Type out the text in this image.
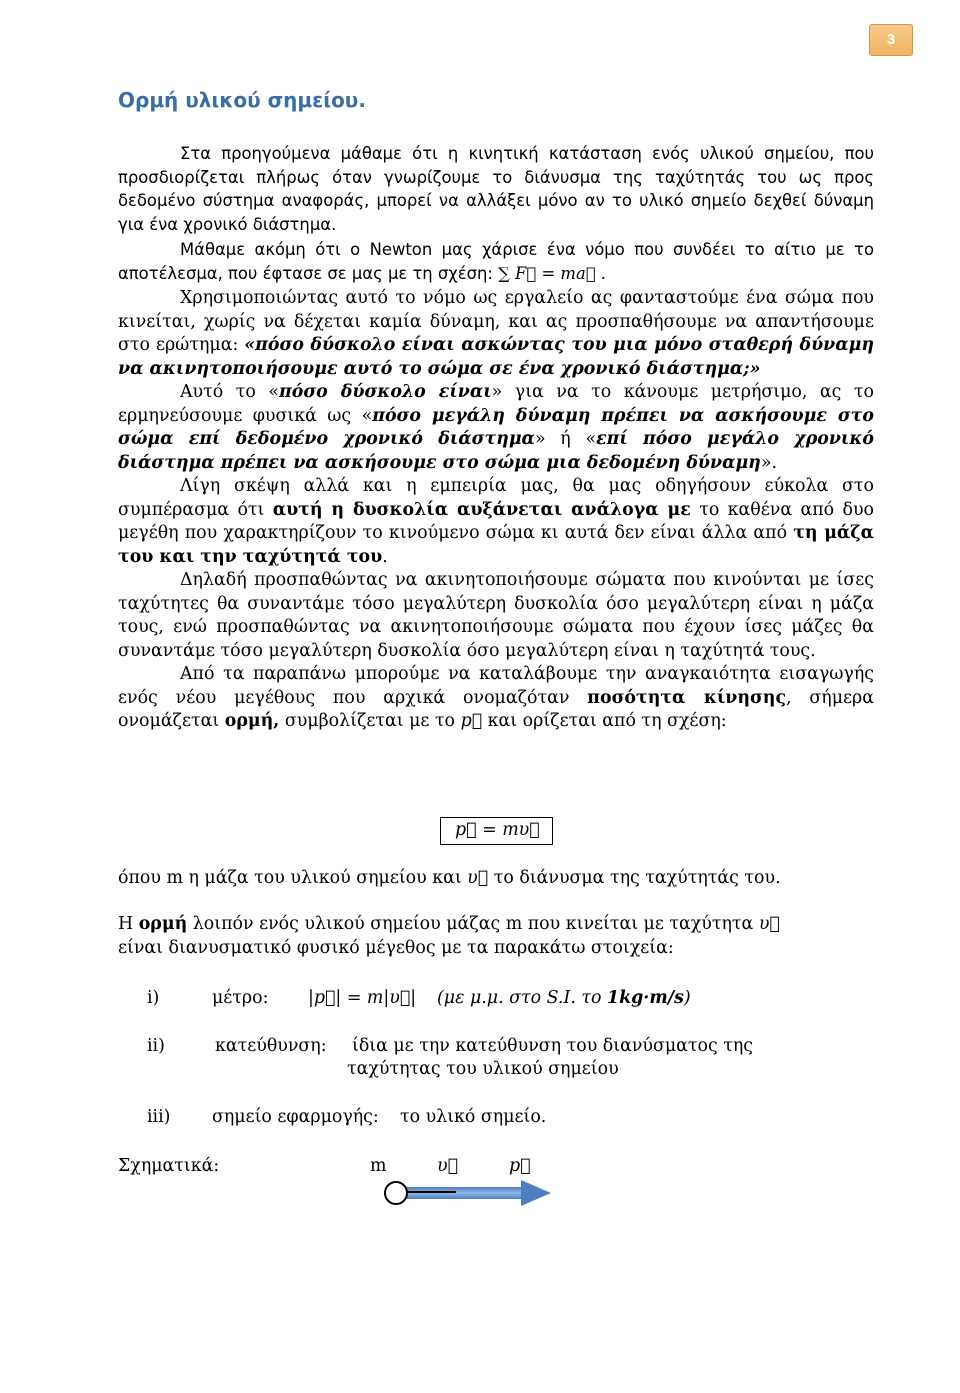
3
Ορμή υλικού σημείου.

Στα προηγούμενα μάθαμε ότι η κινητική κατάσταση ενός υλικού σημείου, που προσδιορίζεται πλήρως όταν γνωρίζουμε το διάνυσμα της ταχύτητάς του ως προς δεδομένο σύστημα αναφοράς, μπορεί να αλλάξει μόνο αν το υλικό σημείο δεχθεί δύναμη για ένα χρονικό διάστημα.

Μάθαμε ακόμη ότι ο Newton μας χάρισε ένα νόμο που συνδέει το αίτιο με το αποτέλεσμα, που έφτασε σε μας με τη σχέση: ∑ F⃗ = ma⃗ .

Χρησιμοποιώντας αυτό το νόμο ως εργαλείο ας φανταστούμε ένα σώμα που κινείται, χωρίς να δέχεται καμία δύναμη, και ας προσπαθήσουμε να απαντήσουμε στο ερώτημα: «πόσο δύσκολο είναι ασκώντας του μια μόνο σταθερή δύναμη να ακινητοποιήσουμε αυτό το σώμα σε ένα χρονικό διάστημα;»

Αυτό το «πόσο δύσκολο είναι» για να το κάνουμε μετρήσιμο, ας το ερμηνεύσουμε φυσικά ως «πόσο μεγάλη δύναμη πρέπει να ασκήσουμε στο σώμα επί δεδομένο χρονικό διάστημα» ή «επί πόσο μεγάλο χρονικό διάστημα πρέπει να ασκήσουμε στο σώμα μια δεδομένη δύναμη».

Λίγη σκέψη αλλά και η εμπειρία μας, θα μας οδηγήσουν εύκολα στο συμπέρασμα ότι αυτή η δυσκολία αυξάνεται ανάλογα με το καθένα από δυο μεγέθη που χαρακτηρίζουν το κινούμενο σώμα κι αυτά δεν είναι άλλα από τη μάζα του και την ταχύτητά του.

Δηλαδή προσπαθώντας να ακινητοποιήσουμε σώματα που κινούνται με ίσες ταχύτητες θα συναντάμε τόσο μεγαλύτερη δυσκολία όσο μεγαλύτερη είναι η μάζα τους, ενώ προσπαθώντας να ακινητοποιήσουμε σώματα που έχουν ίσες μάζες θα συναντάμε τόσο μεγαλύτερη δυσκολία όσο μεγαλύτερη είναι η ταχύτητά τους.

Από τα παραπάνω μπορούμε να καταλάβουμε την αναγκαιότητα εισαγωγής ενός νέου μεγέθους που αρχικά ονομαζόταν ποσότητα κίνησης, σήμερα ονομάζεται ορμή, συμβολίζεται με το p⃗ και ορίζεται από τη σχέση:

p⃗ = mυ⃗
όπου m η μάζα του υλικού σημείου και υ⃗ το διάνυσμα της ταχύτητάς του.
Η ορμή λοιπόν ενός υλικού σημείου μάζας m που κινείται με ταχύτητα υ⃗
είναι διανυσματικό φυσικό μέγεθος με τα παρακάτω στοιχεία:
i)	μέτρο: |p⃗| = m|υ⃗| (με μ.μ. στο S.I. το 1kg·m/s)
ii)	κατεύθυνση: ίδια με την κατεύθυνση του διανύσματος της
ταχύτητας του υλικού σημείου
iii) σημείο εφαρμογής: το υλικό σημείο.
Σχηματικά:	m	υ⃗	p⃗
